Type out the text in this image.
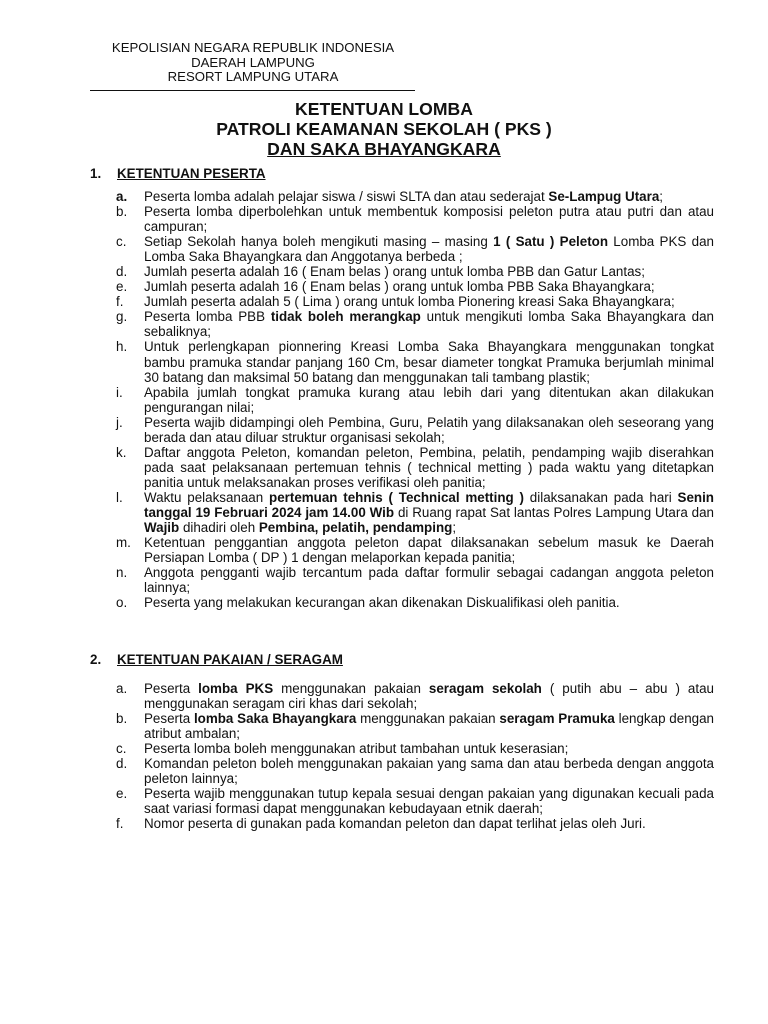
KEPOLISIAN NEGARA REPUBLIK INDONESIA
DAERAH LAMPUNG
RESORT LAMPUNG UTARA
KETENTUAN LOMBA
PATROLI KEAMANAN SEKOLAH ( PKS )
DAN SAKA BHAYANGKARA
1. KETENTUAN PESERTA
a. Peserta lomba adalah pelajar siswa / siswi SLTA dan atau sederajat Se-Lampug Utara;
b. Peserta lomba diperbolehkan untuk membentuk komposisi peleton putra atau putri dan atau campuran;
c. Setiap Sekolah hanya boleh mengikuti masing – masing 1 ( Satu ) Peleton Lomba PKS dan Lomba Saka Bhayangkara dan Anggotanya berbeda ;
d. Jumlah peserta adalah 16 ( Enam belas ) orang untuk lomba PBB dan Gatur Lantas;
e. Jumlah peserta adalah 16 ( Enam belas ) orang untuk lomba PBB Saka Bhayangkara;
f. Jumlah peserta adalah 5 ( Lima ) orang untuk lomba Pionering kreasi Saka Bhayangkara;
g. Peserta lomba PBB tidak boleh merangkap untuk mengikuti lomba Saka Bhayangkara dan sebaliknya;
h. Untuk perlengkapan pionnering Kreasi Lomba Saka Bhayangkara menggunakan tongkat bambu pramuka standar panjang 160 Cm, besar diameter tongkat Pramuka berjumlah minimal 30 batang dan maksimal 50 batang dan menggunakan tali tambang plastik;
i. Apabila jumlah tongkat pramuka kurang atau lebih dari yang ditentukan akan dilakukan pengurangan nilai;
j. Peserta wajib didampingi oleh Pembina, Guru, Pelatih yang dilaksanakan oleh seseorang yang berada dan atau diluar struktur organisasi sekolah;
k. Daftar anggota Peleton, komandan peleton, Pembina, pelatih, pendamping wajib diserahkan pada saat pelaksanaan pertemuan tehnis ( technical metting ) pada waktu yang ditetapkan panitia untuk melaksanakan proses verifikasi oleh panitia;
l. Waktu pelaksanaan pertemuan tehnis ( Technical metting ) dilaksanakan pada hari Senin tanggal 19 Februari 2024 jam 14.00 Wib di Ruang rapat Sat lantas Polres Lampung Utara dan Wajib dihadiri oleh Pembina, pelatih, pendamping;
m. Ketentuan penggantian anggota peleton dapat dilaksanakan sebelum masuk ke Daerah Persiapan Lomba ( DP ) 1 dengan melaporkan kepada panitia;
n. Anggota pengganti wajib tercantum pada daftar formulir sebagai cadangan anggota peleton lainnya;
o. Peserta yang melakukan kecurangan akan dikenakan Diskualifikasi oleh panitia.
2. KETENTUAN PAKAIAN / SERAGAM
a. Peserta lomba PKS menggunakan pakaian seragam sekolah ( putih abu – abu ) atau menggunakan seragam ciri khas dari sekolah;
b. Peserta lomba Saka Bhayangkara menggunakan pakaian seragam Pramuka lengkap dengan atribut ambalan;
c. Peserta lomba boleh menggunakan atribut tambahan untuk keserasian;
d. Komandan peleton boleh menggunakan pakaian yang sama dan atau berbeda dengan anggota peleton lainnya;
e. Peserta wajib menggunakan tutup kepala sesuai dengan pakaian yang digunakan kecuali pada saat variasi formasi dapat menggunakan kebudayaan etnik daerah;
f. Nomor peserta di gunakan pada komandan peleton dan dapat terlihat jelas oleh Juri.
